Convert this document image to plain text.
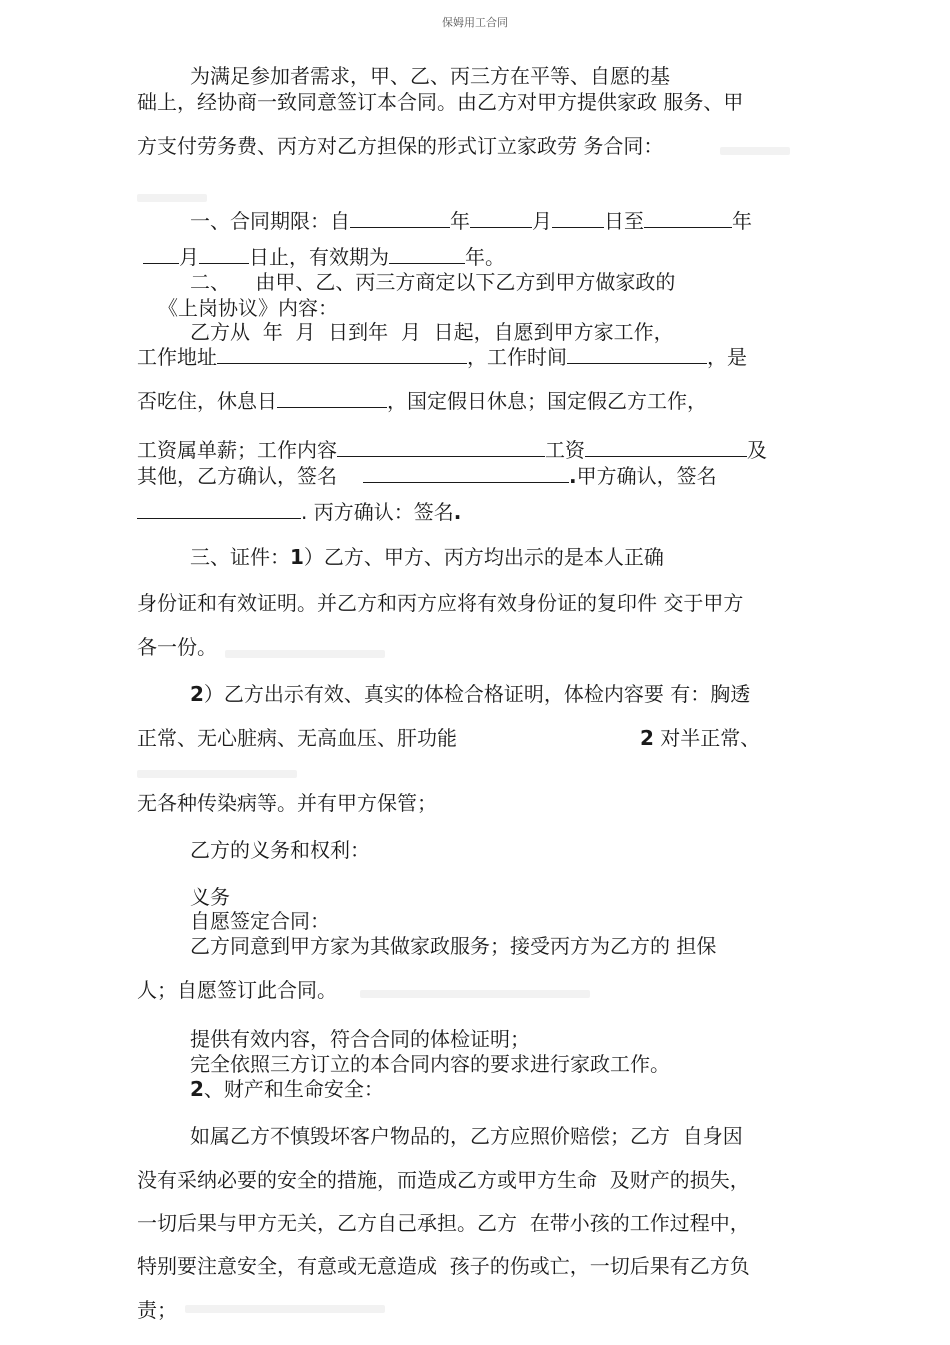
保姆用工合同
为满足参加者需求，甲、乙、丙三方在平等、自愿的基
础上，经协商一致同意签订本合同。由乙方对甲方提供家政 服务、甲
方支付劳务费、丙方对乙方担保的形式订立家政劳 务合同：
一、合同期限：自	年	月	日至	年
月	日止，有效期为	年。
二、    由甲、乙、丙三方商定以下乙方到甲方做家政的
《上岗协议》内容：
乙方从  年  月  日到年  月  日起，自愿到甲方家工作，
工作地址	，工作时间	，是
否吃住，休息日	，国定假日休息；国定假乙方工作，
工资属单薪；工作内容	工资	及
其他，乙方确认，签名	.甲方确认，签名
. 丙方确认：签名.
三、证件：1）乙方、甲方、丙方均出示的是本人正确
身份证和有效证明。并乙方和丙方应将有效身份证的复印件 交于甲方
各一份。
2）乙方出示有效、真实的体检合格证明，体检内容要 有：胸透
正常、无心脏病、无高血压、肝功能	2 对半正常、
无各种传染病等。并有甲方保管；
乙方的义务和权利：
义务
自愿签定合同：
乙方同意到甲方家为其做家政服务；接受丙方为乙方的 担保
人；自愿签订此合同。
提供有效内容，符合合同的体检证明；
完全依照三方订立的本合同内容的要求进行家政工作。
2、财产和生命安全：
如属乙方不慎毁坏客户物品的，乙方应照价赔偿；乙方  自身因
没有采纳必要的安全的措施，而造成乙方或甲方生命  及财产的损失，
一切后果与甲方无关，乙方自己承担。乙方  在带小孩的工作过程中，
特别要注意安全，有意或无意造成  孩子的伤或亡，一切后果有乙方负
责；
